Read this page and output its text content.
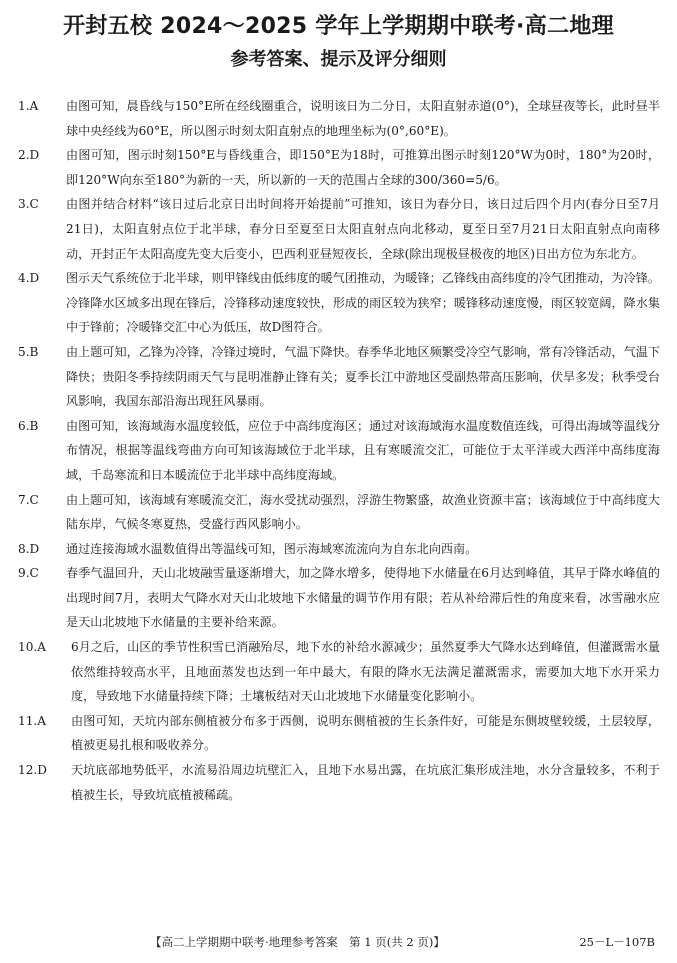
开封五校 2024～2025 学年上学期期中联考·高二地理
参考答案、提示及评分细则
1.A	由图可知，晨昏线与150°E所在经线圈重合，说明该日为二分日，太阳直射赤道(0°)，全球昼夜等长，此时昼半球中央经线为60°E，所以图示时刻太阳直射点的地理坐标为(0°,60°E)。
2.D	由图可知，图示时刻150°E与昏线重合，即150°E为18时，可推算出图示时刻120°W为0时，180°为20时，即120°W向东至180°为新的一天，所以新的一天的范围占全球的300/360=5/6。
3.C	由图并结合材料“该日过后北京日出时间将开始提前”可推知，该日为春分日，该日过后四个月内(春分日至7月21日)，太阳直射点位于北半球，春分日至夏至日太阳直射点向北移动，夏至日至7月21日太阳直射点向南移动，开封正午太阳高度先变大后变小，巴西利亚昼短夜长，全球(除出现极昼极夜的地区)日出方位为东北方。
4.D	图示天气系统位于北半球，则甲锋线由低纬度的暖气团推动，为暖锋；乙锋线由高纬度的冷气团推动，为冷锋。冷锋降水区域多出现在锋后，冷锋移动速度较快，形成的雨区较为狭窄；暖锋移动速度慢，雨区较宽阔，降水集中于锋前；冷暖锋交汇中心为低压，故D图符合。
5.B	由上题可知，乙锋为冷锋，冷锋过境时，气温下降快。春季华北地区频繁受冷空气影响，常有冷锋活动，气温下降快；贵阳冬季持续阴雨天气与昆明准静止锋有关；夏季长江中游地区受副热带高压影响，伏旱多发；秋季受台风影响，我国东部沿海出现狂风暴雨。
6.B	由图可知，该海域海水温度较低，应位于中高纬度海区；通过对该海域海水温度数值连线，可得出海域等温线分布情况，根据等温线弯曲方向可知该海域位于北半球，且有寒暖流交汇，可能位于太平洋或大西洋中高纬度海域，千岛寒流和日本暖流位于北半球中高纬度海域。
7.C	由上题可知，该海域有寒暖流交汇，海水受扰动强烈，浮游生物繁盛，故渔业资源丰富；该海域位于中高纬度大陆东岸，气候冬寒夏热，受盛行西风影响小。
8.D	通过连接海域水温数值得出等温线可知，图示海域寒流流向为自东北向西南。
9.C	春季气温回升，天山北坡融雪量逐渐增大，加之降水增多，使得地下水储量在6月达到峰值，其早于降水峰值的出现时间7月，表明大气降水对天山北坡地下水储量的调节作用有限；若从补给滞后性的角度来看，冰雪融水应是天山北坡地下水储量的主要补给来源。
10.A	6月之后，山区的季节性积雪已消融殆尽，地下水的补给水源减少；虽然夏季大气降水达到峰值，但灌溉需水量依然维持较高水平，且地面蒸发也达到一年中最大，有限的降水无法满足灌溉需求，需要加大地下水开采力度，导致地下水储量持续下降；土壤板结对天山北坡地下水储量变化影响小。
11.A	由图可知，天坑内部东侧植被分布多于西侧，说明东侧植被的生长条件好，可能是东侧坡壁较缓，土层较厚，植被更易扎根和吸收养分。
12.D	天坑底部地势低平，水流易沿周边坑壁汇入，且地下水易出露，在坑底汇集形成洼地，水分含量较多，不利于植被生长，导致坑底植被稀疏。
【高二上学期期中联考·地理参考答案　第 1 页(共 2 页)】	25－L－107B
